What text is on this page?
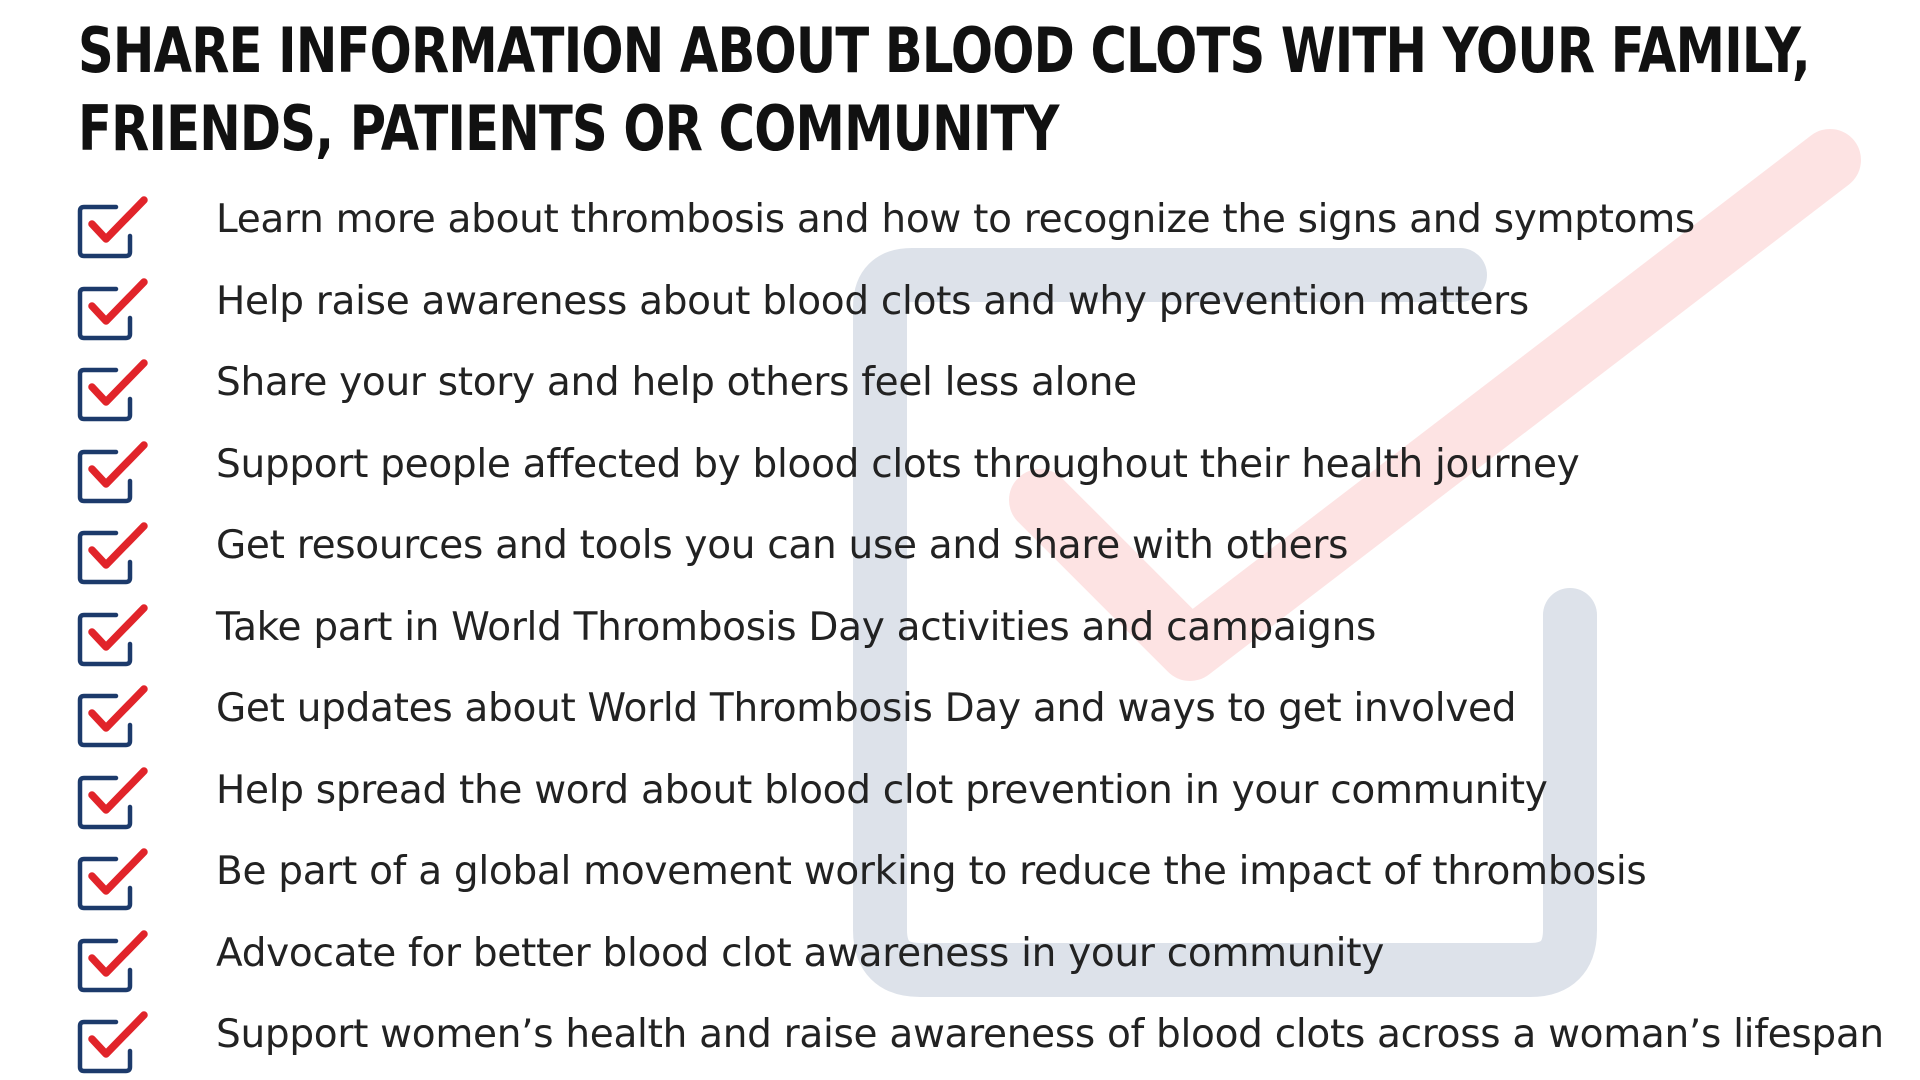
SHARE INFORMATION ABOUT BLOOD CLOTS WITH YOUR FAMILY,
FRIENDS, PATIENTS OR COMMUNITY
Learn more about thrombosis and how to recognize the signs and symptoms
Help raise awareness about blood clots and why prevention matters
Share your story and help others feel less alone
Support people affected by blood clots throughout their health journey
Get resources and tools you can use and share with others
Take part in World Thrombosis Day activities and campaigns
Get updates about World Thrombosis Day and ways to get involved
Help spread the word about blood clot prevention in your community
Be part of a global movement working to reduce the impact of thrombosis
Advocate for better blood clot awareness in your community
Support women’s health and raise awareness of blood clots across a woman’s lifespan
